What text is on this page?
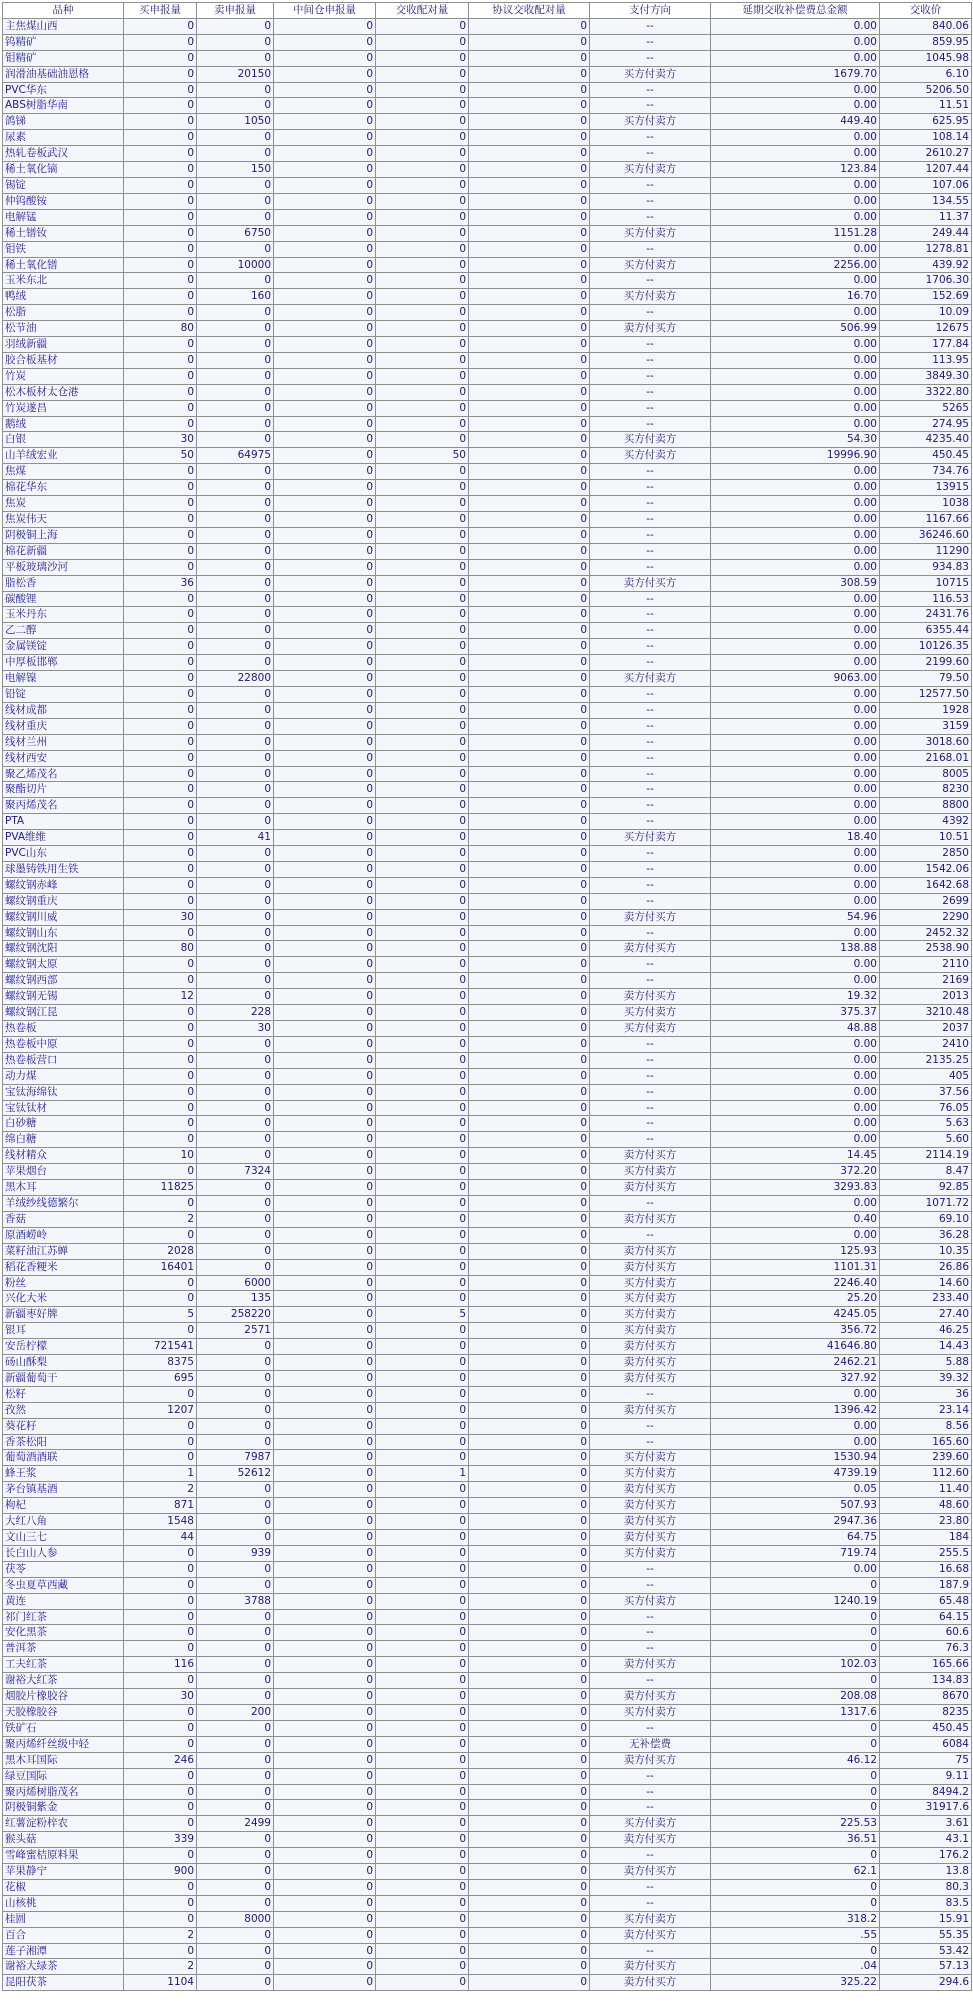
品种	买申报量	卖申报量	中间仓申报量	交收配对量	协议交收配对量	支付方向	延期交收补偿费总金额	交收价
主焦煤山西	0	0	0	0	0	--	0.00	840.06
钨精矿	0	0	0	0	0	--	0.00	859.95
钼精矿	0	0	0	0	0	--	0.00	1045.98
润滑油基础油恩格	0	20150	0	0	0	买方付卖方	1679.70	6.10
PVC华东	0	0	0	0	0	--	0.00	5206.50
ABS树脂华南	0	0	0	0	0	--	0.00	11.51
鸽锑	0	1050	0	0	0	买方付卖方	449.40	625.95
尿素	0	0	0	0	0	--	0.00	108.14
热轧卷板武汉	0	0	0	0	0	--	0.00	2610.27
稀土氧化镝	0	150	0	0	0	买方付卖方	123.84	1207.44
锡锭	0	0	0	0	0	--	0.00	107.06
仲钨酸铵	0	0	0	0	0	--	0.00	134.55
电解锰	0	0	0	0	0	--	0.00	11.37
稀土镨钕	0	6750	0	0	0	买方付卖方	1151.28	249.44
钼铁	0	0	0	0	0	--	0.00	1278.81
稀土氧化镨	0	10000	0	0	0	买方付卖方	2256.00	439.92
玉米东北	0	0	0	0	0	--	0.00	1706.30
鸭绒	0	160	0	0	0	买方付卖方	16.70	152.69
松脂	0	0	0	0	0	--	0.00	10.09
松节油	80	0	0	0	0	卖方付买方	506.99	12675
羽绒新疆	0	0	0	0	0	--	0.00	177.84
胶合板基材	0	0	0	0	0	--	0.00	113.95
竹炭	0	0	0	0	0	--	0.00	3849.30
松木板材太仓港	0	0	0	0	0	--	0.00	3322.80
竹炭遂昌	0	0	0	0	0	--	0.00	5265
鹅绒	0	0	0	0	0	--	0.00	274.95
白银	30	0	0	0	0	买方付卖方	54.30	4235.40
山羊绒宏业	50	64975	0	50	0	买方付卖方	19996.90	450.45
焦煤	0	0	0	0	0	--	0.00	734.76
棉花华东	0	0	0	0	0	--	0.00	13915
焦炭	0	0	0	0	0	--	0.00	1038
焦炭伟天	0	0	0	0	0	--	0.00	1167.66
阴极铜上海	0	0	0	0	0	--	0.00	36246.60
棉花新疆	0	0	0	0	0	--	0.00	11290
平板玻璃沙河	0	0	0	0	0	--	0.00	934.83
脂松香	36	0	0	0	0	卖方付买方	308.59	10715
碳酸锂	0	0	0	0	0	--	0.00	116.53
玉米丹东	0	0	0	0	0	--	0.00	2431.76
乙二醇	0	0	0	0	0	--	0.00	6355.44
金属镁锭	0	0	0	0	0	--	0.00	10126.35
中厚板邯郸	0	0	0	0	0	--	0.00	2199.60
电解镍	0	22800	0	0	0	买方付卖方	9063.00	79.50
铅锭	0	0	0	0	0	--	0.00	12577.50
线材成都	0	0	0	0	0	--	0.00	1928
线材重庆	0	0	0	0	0	--	0.00	3159
线材兰州	0	0	0	0	0	--	0.00	3018.60
线材西安	0	0	0	0	0	--	0.00	2168.01
聚乙烯茂名	0	0	0	0	0	--	0.00	8005
聚酯切片	0	0	0	0	0	--	0.00	8230
聚丙烯茂名	0	0	0	0	0	--	0.00	8800
PTA	0	0	0	0	0	--	0.00	4392
PVA维维	0	41	0	0	0	买方付卖方	18.40	10.51
PVC山东	0	0	0	0	0	--	0.00	2850
球墨铸铁用生铁	0	0	0	0	0	--	0.00	1542.06
螺纹钢赤峰	0	0	0	0	0	--	0.00	1642.68
螺纹钢重庆	0	0	0	0	0	--	0.00	2699
螺纹钢川威	30	0	0	0	0	卖方付买方	54.96	2290
螺纹钢山东	0	0	0	0	0	--	0.00	2452.32
螺纹钢沈阳	80	0	0	0	0	卖方付买方	138.88	2538.90
螺纹钢太原	0	0	0	0	0	--	0.00	2110
螺纹钢西部	0	0	0	0	0	--	0.00	2169
螺纹钢无锡	12	0	0	0	0	卖方付买方	19.32	2013
螺纹钢江昆	0	228	0	0	0	买方付卖方	375.37	3210.48
热卷板	0	30	0	0	0	买方付卖方	48.88	2037
热卷板中原	0	0	0	0	0	--	0.00	2410
热卷板营口	0	0	0	0	0	--	0.00	2135.25
动力煤	0	0	0	0	0	--	0.00	405
宝钛海绵钛	0	0	0	0	0	--	0.00	37.56
宝钛钛材	0	0	0	0	0	--	0.00	76.05
白砂糖	0	0	0	0	0	--	0.00	5.63
绵白糖	0	0	0	0	0	--	0.00	5.60
线材精众	10	0	0	0	0	卖方付买方	14.45	2114.19
苹果烟台	0	7324	0	0	0	买方付卖方	372.20	8.47
黑木耳	11825	0	0	0	0	卖方付买方	3293.83	92.85
羊绒纱线德繁尔	0	0	0	0	0	--	0.00	1071.72
香菇	2	0	0	0	0	卖方付买方	0.40	69.10
原酒崂岭	0	0	0	0	0	--	0.00	36.28
菜籽油江苏蝉	2028	0	0	0	0	卖方付买方	125.93	10.35
稻花香粳米	16401	0	0	0	0	卖方付买方	1101.31	26.86
粉丝	0	6000	0	0	0	买方付卖方	2246.40	14.60
兴化大米	0	135	0	0	0	买方付卖方	25.20	233.40
新疆枣好牌	5	258220	0	5	0	买方付卖方	4245.05	27.40
银耳	0	2571	0	0	0	买方付卖方	356.72	46.25
安岳柠檬	721541	0	0	0	0	卖方付买方	41646.80	14.43
砀山酥梨	8375	0	0	0	0	卖方付买方	2462.21	5.88
新疆葡萄干	695	0	0	0	0	卖方付买方	327.92	39.32
松籽	0	0	0	0	0	--	0.00	36
孜然	1207	0	0	0	0	卖方付买方	1396.42	23.14
葵花籽	0	0	0	0	0	--	0.00	8.56
香茶松阳	0	0	0	0	0	--	0.00	165.60
葡萄酒酒联	0	7987	0	0	0	买方付卖方	1530.94	239.60
蜂王浆	1	52612	0	1	0	买方付卖方	4739.19	112.60
茅台镇基酒	2	0	0	0	0	卖方付买方	0.05	11.40
枸杞	871	0	0	0	0	卖方付买方	507.93	48.60
大红八角	1548	0	0	0	0	卖方付买方	2947.36	23.80
文山三七	44	0	0	0	0	卖方付买方	64.75	184
长白山人参	0	939	0	0	0	买方付卖方	719.74	255.5
茯苓	0	0	0	0	0	--	0.00	16.68
冬虫夏草西藏	0	0	0	0	0	--	0	187.9
黄连	0	3788	0	0	0	买方付卖方	1240.19	65.48
祁门红茶	0	0	0	0	0	--	0	64.15
安化黑茶	0	0	0	0	0	--	0	60.6
普洱茶	0	0	0	0	0	--	0	76.3
工夫红茶	116	0	0	0	0	卖方付买方	102.03	165.66
谢裕大红茶	0	0	0	0	0	--	0	134.83
烟胶片橡胶谷	30	0	0	0	0	卖方付买方	208.08	8670
天胶橡胶谷	0	200	0	0	0	买方付卖方	1317.6	8235
铁矿石	0	0	0	0	0	--	0	450.45
聚丙烯纤丝级中轻	0	0	0	0	0	无补偿费	0	6084
黑木耳国际	246	0	0	0	0	卖方付买方	46.12	75
绿豆国际	0	0	0	0	0	--	0	9.11
聚丙烯树脂茂名	0	0	0	0	0	--	0	8494.2
阴极铜紫金	0	0	0	0	0	--	0	31917.6
红薯淀粉梓农	0	2499	0	0	0	买方付卖方	225.53	3.61
猴头菇	339	0	0	0	0	卖方付买方	36.51	43.1
雪峰蜜桔原料果	0	0	0	0	0	--	0	176.2
苹果静宁	900	0	0	0	0	卖方付买方	62.1	13.8
花椒	0	0	0	0	0	--	0	80.3
山核桃	0	0	0	0	0	--	0	83.5
桂圆	0	8000	0	0	0	买方付卖方	318.2	15.91
百合	2	0	0	0	0	卖方付买方	.55	55.35
莲子湘潭	0	0	0	0	0	--	0	53.42
谢裕大绿茶	2	0	0	0	0	卖方付买方	.04	57.13
昆阳茯茶	1104	0	0	0	0	卖方付买方	325.22	294.6
